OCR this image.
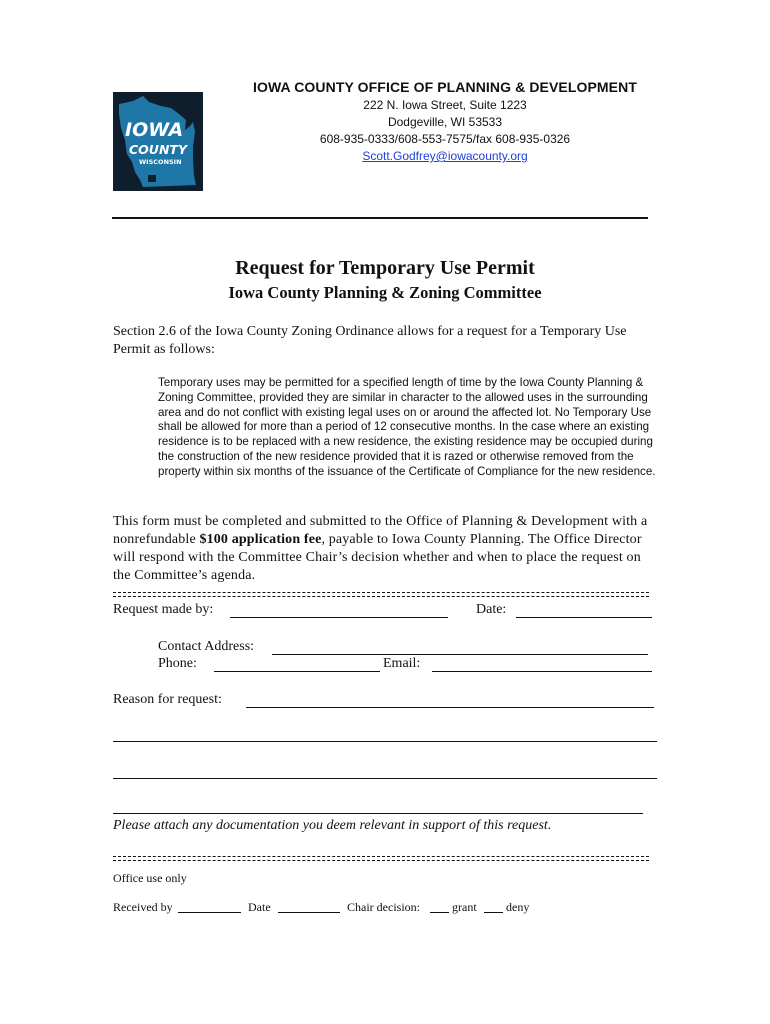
IOWA
COUNTY
WISCONSIN
IOWA COUNTY OFFICE OF PLANNING & DEVELOPMENT
222 N. Iowa Street, Suite 1223
Dodgeville, WI 53533
608-935-0333/608-553-7575/fax 608-935-0326
Scott.Godfrey@iowacounty.org
Request for Temporary Use Permit
Iowa County Planning & Zoning Committee
Section 2.6 of the Iowa County Zoning Ordinance allows for a request for a Temporary Use Permit as follows:
Temporary uses may be permitted for a specified length of time by the Iowa County Planning & Zoning Committee, provided they are similar in character to the allowed uses in the surrounding area and do not conflict with existing legal uses on or around the affected lot. No Temporary Use shall be allowed for more than a period of 12 consecutive months. In the case where an existing residence is to be replaced with a new residence, the existing residence may be occupied during the construction of the new residence provided that it is razed or otherwise removed from the property within six months of the issuance of the Certificate of Compliance for the new residence.
This form must be completed and submitted to the Office of Planning & Development with a nonrefundable $100 application fee, payable to Iowa County Planning. The Office Director will respond with the Committee Chair’s decision whether and when to place the request on the Committee’s agenda.
Request made by:	Date:
Contact Address:
Phone:	Email:
Reason for request:
Please attach any documentation you deem relevant in support of this request.
Office use only
Received by	Date	Chair decision:	grant deny
